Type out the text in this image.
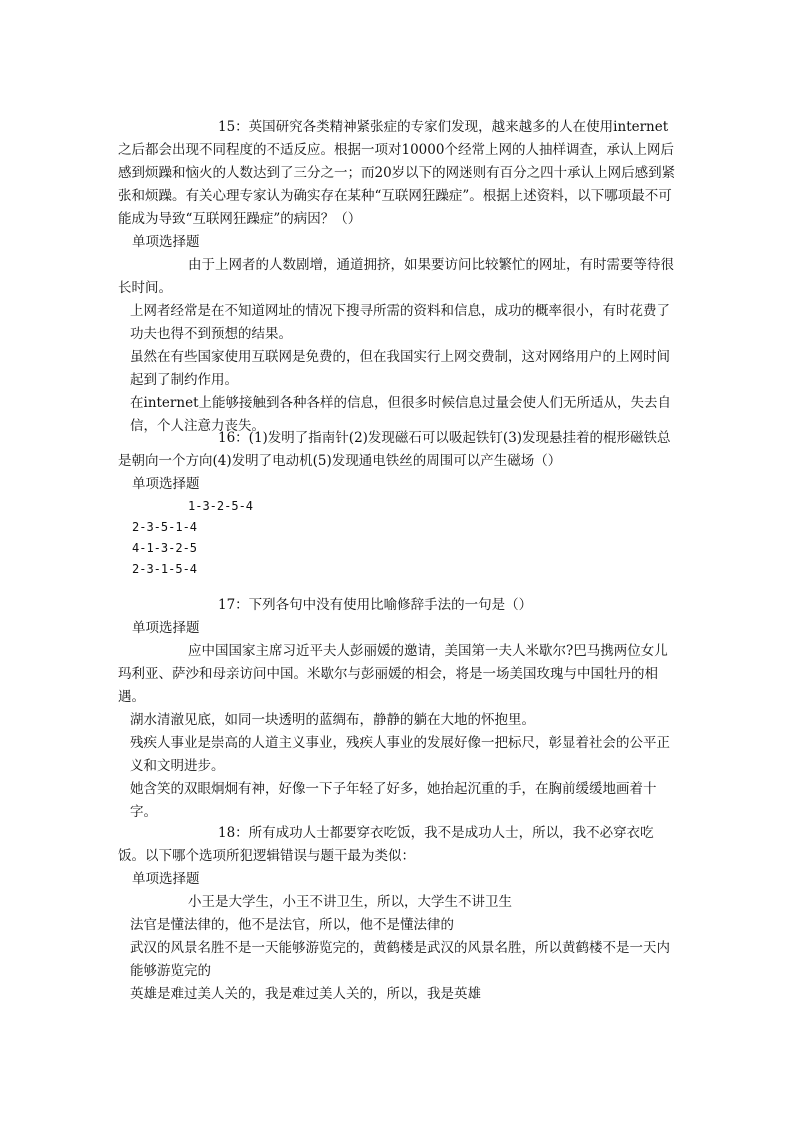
15：英国研究各类精神紧张症的专家们发现，越来越多的人在使用internet之后都会出现不同程度的不适反应。根据一项对10000个经常上网的人抽样调查，承认上网后感到烦躁和恼火的人数达到了三分之一；而20岁以下的网迷则有百分之四十承认上网后感到紧张和烦躁。有关心理专家认为确实存在某种“互联网狂躁症”。根据上述资料，以下哪项最不可能成为导致“互联网狂躁症”的病因？（）

单项选择题

由于上网者的人数剧增，通道拥挤，如果要访问比较繁忙的网址，有时需要等待很长时间。

上网者经常是在不知道网址的情况下搜寻所需的资料和信息，成功的概率很小，有时花费了功夫也得不到预想的结果。

虽然在有些国家使用互联网是免费的，但在我国实行上网交费制，这对网络用户的上网时间起到了制约作用。

在internet上能够接触到各种各样的信息，但很多时候信息过量会使人们无所适从，失去自信，个人注意力丧失。

16：(1)发明了指南针(2)发现磁石可以吸起铁钉(3)发现悬挂着的棍形磁铁总是朝向一个方向(4)发明了电动机(5)发现通电铁丝的周围可以产生磁场（）

单项选择题

1-3-2-5-4

2-3-5-1-4

4-1-3-2-5

2-3-1-5-4

17：下列各句中没有使用比喻修辞手法的一句是（）

单项选择题

应中国国家主席习近平夫人彭丽媛的邀请，美国第一夫人米歇尔?巴马携两位女儿玛利亚、萨沙和母亲访问中国。米歇尔与彭丽媛的相会，将是一场美国玫瑰与中国牡丹的相遇。

湖水清澈见底，如同一块透明的蓝绸布，静静的躺在大地的怀抱里。

残疾人事业是崇高的人道主义事业，残疾人事业的发展好像一把标尺，彰显着社会的公平正义和文明进步。

她含笑的双眼炯炯有神，好像一下子年轻了好多，她抬起沉重的手，在胸前缓缓地画着十字。

18：所有成功人士都要穿衣吃饭，我不是成功人士，所以，我不必穿衣吃饭。以下哪个选项所犯逻辑错误与题干最为类似：

单项选择题

小王是大学生，小王不讲卫生，所以，大学生不讲卫生

法官是懂法律的，他不是法官，所以，他不是懂法律的

武汉的风景名胜不是一天能够游览完的，黄鹤楼是武汉的风景名胜，所以黄鹤楼不是一天内能够游览完的

英雄是难过美人关的，我是难过美人关的，所以，我是英雄
